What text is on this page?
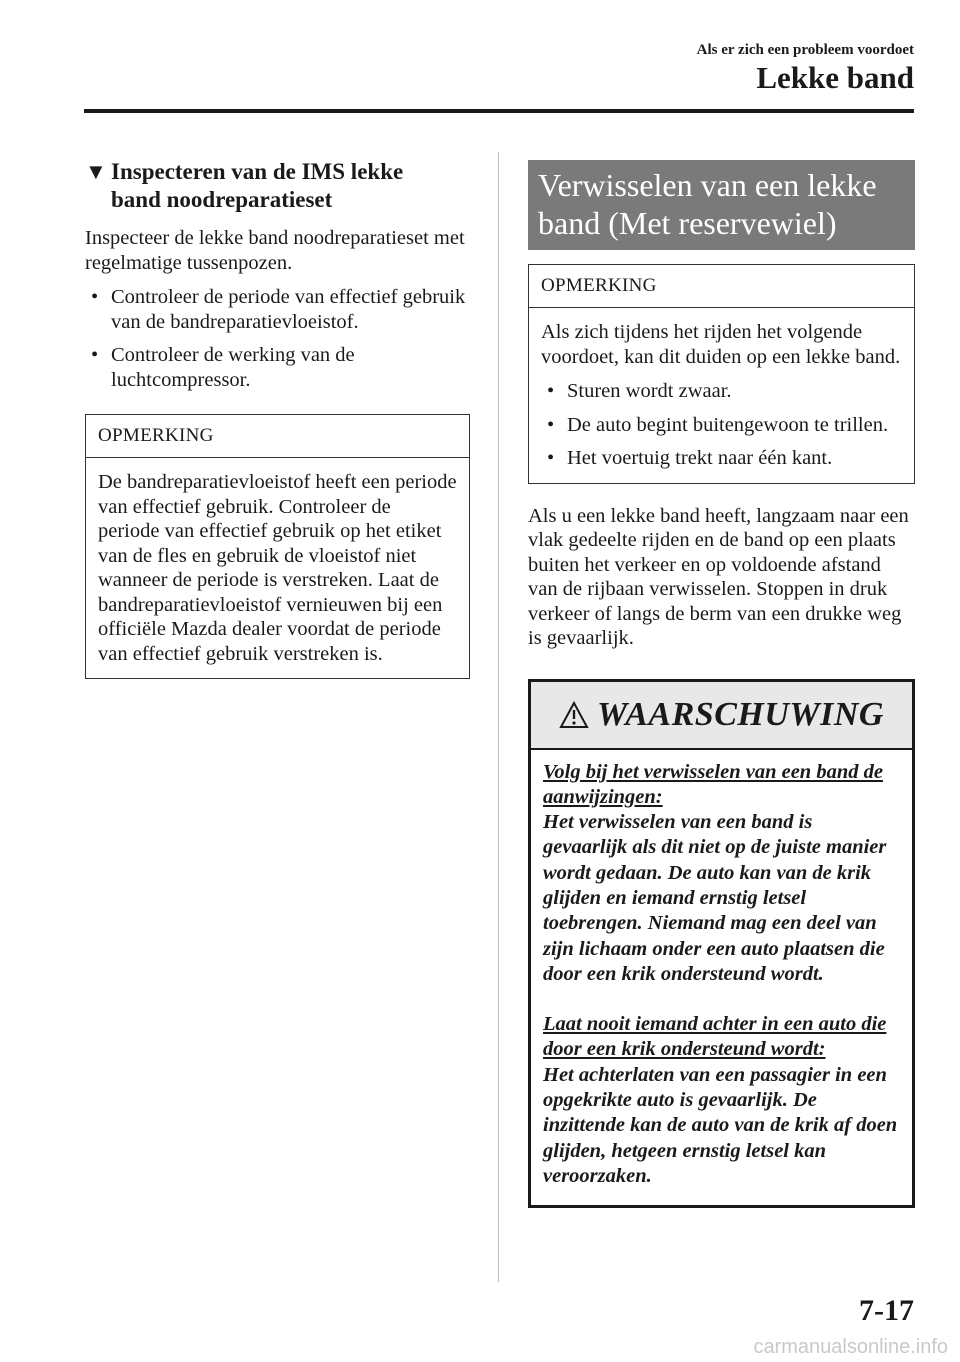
Als er zich een probleem voordoet
Lekke band
▼ Inspecteren van de IMS lekke
band noodreparatieset

Inspecteer de lekke band noodreparatieset met regelmatige tussenpozen.

• Controleer de periode van effectief gebruik van de bandreparatievloeistof.
• Controleer de werking van de luchtcompressor.
OPMERKING
De bandreparatievloeistof heeft een periode van effectief gebruik. Controleer de periode van effectief gebruik op het etiket van de fles en gebruik de vloeistof niet wanneer de periode is verstreken. Laat de bandreparatievloeistof vernieuwen bij een officiële Mazda dealer voordat de periode van effectief gebruik verstreken is.
Verwisselen van een lekke
band (Met reservewiel)
OPMERKING

Als zich tijdens het rijden het volgende voordoet, kan dit duiden op een lekke band.

• Sturen wordt zwaar.
• De auto begint buitengewoon te trillen.
• Het voertuig trekt naar één kant.

Als u een lekke band heeft, langzaam naar een vlak gedeelte rijden en de band op een plaats buiten het verkeer en op voldoende afstand van de rijbaan verwisselen. Stoppen in druk verkeer of langs de berm van een drukke weg is gevaarlijk.

WAARSCHUWING
Volg bij het verwisselen van een band de aanwijzingen:
Het verwisselen van een band is gevaarlijk als dit niet op de juiste manier wordt gedaan. De auto kan van de krik glijden en iemand ernstig letsel toebrengen. Niemand mag een deel van zijn lichaam onder een auto plaatsen die door een krik ondersteund wordt.
Laat nooit iemand achter in een auto die door een krik ondersteund wordt:
Het achterlaten van een passagier in een opgekrikte auto is gevaarlijk. De inzittende kan de auto van de krik af doen glijden, hetgeen ernstig letsel kan veroorzaken.
7-17
carmanualsonline.info
